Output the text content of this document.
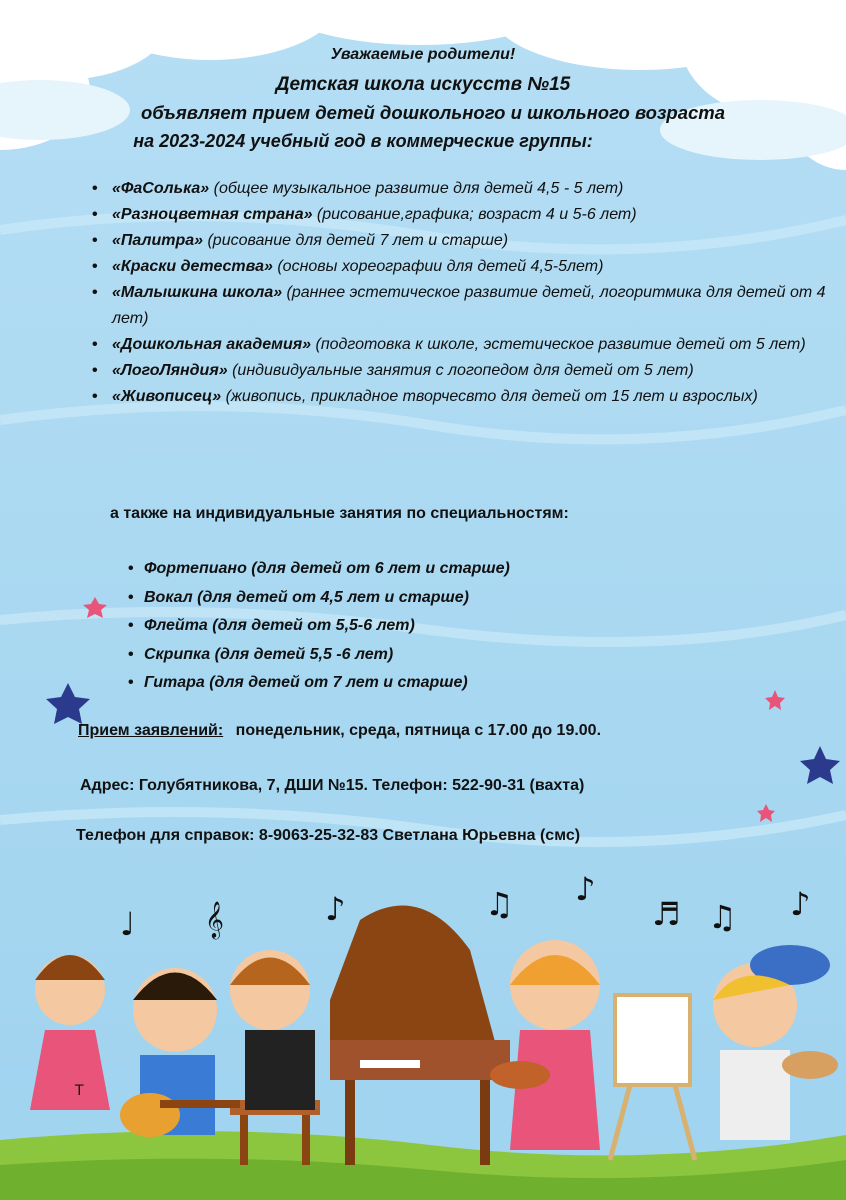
♩ 𝄞	♪	♫ ♪
♬ ♫ ♪
T
Уважаемые родители!
Детская школа искусств №15
объявляет прием детей дошкольного и школьного возраста
на 2023-2024 учебный год в коммерческие группы:
• «ФаСолька» (общее музыкальное развитие для детей 4,5 - 5 лет)
• «Разноцветная страна» (рисование,графика; возраст 4 и 5-6 лет)
• «Палитра» (рисование для детей 7 лет и старше)
• «Краски детества» (основы хореографии для детей 4,5-5лет)
• «Малышкина школа» (раннее эстетическое развитие детей, логоритмика для детей от 4 лет)
• «Дошкольная академия» (подготовка к школе, эстетическое развитие детей от 5 лет)
• «ЛогоЛяндия» (индивидуальные занятия с логопедом для детей от 5 лет)
• «Живописец» (живопись, прикладное творчесвто для детей от 15 лет и взрослых)
а также на индивидуальные занятия по специальностям:
• Фортепиано (для детей от 6 лет и старше)
• Вокал (для детей от 4,5 лет и старше)
• Флейта (для детей от 5,5-6 лет)
• Скрипка (для детей 5,5 -6 лет)
• Гитара (для детей от 7 лет и старше)
Прием заявлений: понедельник, среда, пятница с 17.00 до 19.00.
Адрес: Голубятникова, 7, ДШИ №15. Телефон: 522-90-31 (вахта)
Телефон для справок: 8-9063-25-32-83 Светлана Юрьевна (смс)
